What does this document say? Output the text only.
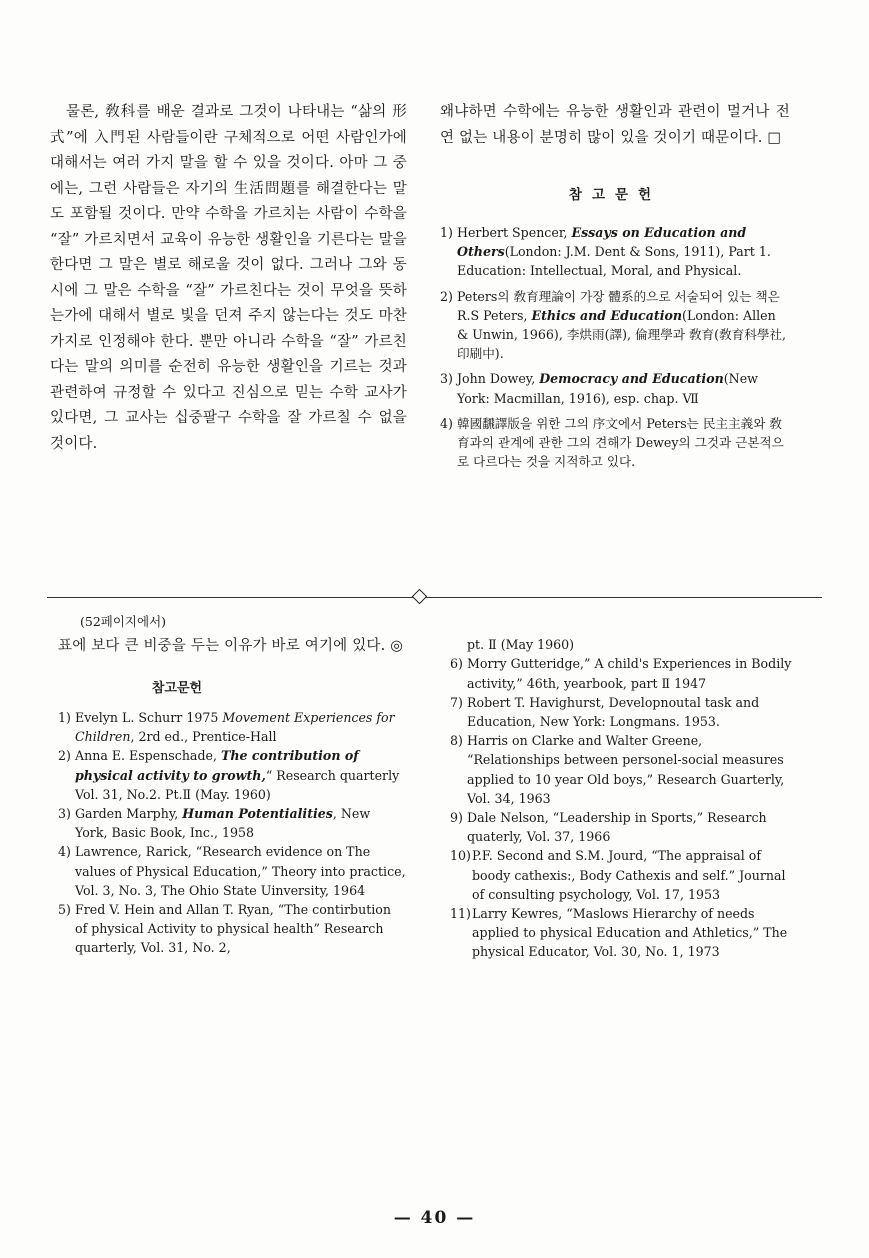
물론, 敎科를 배운 결과로 그것이 나타내는 “삶의 形式”에 入門된 사람들이란 구체적으로 어떤 사람인가에 대해서는 여러 가지 말을 할 수 있을 것이다. 아마 그 중에는, 그런 사람들은 자기의 生活問題를 해결한다는 말도 포함될 것이다. 만약 수학을 가르치는 사람이 수학을 “잘” 가르치면서 교육이 유능한 생활인을 기른다는 말을 한다면 그 말은 별로 해로울 것이 없다. 그러나 그와 동시에 그 말은 수학을 “잘” 가르친다는 것이 무엇을 뜻하는가에 대해서 별로 빛을 던져 주지 않는다는 것도 마찬가지로 인정해야 한다. 뿐만 아니라 수학을 “잘” 가르친다는 말의 의미를 순전히 유능한 생활인을 기르는 것과 관련하여 규정할 수 있다고 진심으로 믿는 수학 교사가 있다면, 그 교사는 십중팔구 수학을 잘 가르칠 수 없을 것이다.

왜냐하면 수학에는 유능한 생활인과 관련이 멀거나 전연 없는 내용이 분명히 많이 있을 것이기 때문이다. □

참고문헌

1) Herbert Spencer, Essays on Education and Others(London: J.M. Dent & Sons, 1911), Part 1. Education: Intellectual, Moral, and Physical.
2) Peters의 敎育理論이 가장 體系的으로 서술되어 있는 책은 R.S Peters, Ethics and Education(London: Allen & Unwin, 1966), 李烘雨(譯), 倫理學과 敎育(敎育科學社, 印刷中).
3) John Dowey, Democracy and Education(New York: Macmillan, 1916), esp. chap. Ⅶ
4) 韓國飜譯版을 위한 그의 序文에서 Peters는 民主主義와 敎育과의 관계에 관한 그의 견해가 Dewey의 그것과 근본적으로 다르다는 것을 지적하고 있다.

(52페이지에서)

표에 보다 큰 비중을 두는 이유가 바로 여기에 있다. ◎

참고문헌

1) Evelyn L. Schurr 1975 Movement Experiences for Children, 2rd ed., Prentice-Hall
2) Anna E. Espenschade, The contribution of physical activity to growth,“ Research quarterly Vol. 31, No.2. Pt.Ⅱ (May. 1960)
3) Garden Marphy, Human Potentialities, New York, Basic Book, Inc., 1958
4) Lawrence, Rarick, “Research evidence on The values of Physical Education,” Theory into practice, Vol. 3, No. 3, The Ohio State Uinversity, 1964
5) Fred V. Hein and Allan T. Ryan, “The contirbution of physical Activity to physical health” Research quarterly, Vol. 31, No. 2,

pt. Ⅱ (May 1960)

6) Morry Gutteridge,” A child's Experiences in Bodily activity,” 46th, yearbook, part Ⅱ 1947
7) Robert T. Havighurst, Developnoutal task and Education, New York: Longmans. 1953.
8) Harris on Clarke and Walter Greene, “Relationships between personel-social measures applied to 10 year Old boys,” Research Guarterly, Vol. 34, 1963
9) Dale Nelson, “Leadership in Sports,” Research quaterly, Vol. 37, 1966
10) P.F. Second and S.M. Jourd, “The appraisal of boody cathexis:, Body Cathexis and self.” Journal of consulting psychology, Vol. 17, 1953
11) Larry Kewres, “Maslows Hierarchy of needs applied to physical Education and Athletics,” The physical Educator, Vol. 30, No. 1, 1973
— 40 —
